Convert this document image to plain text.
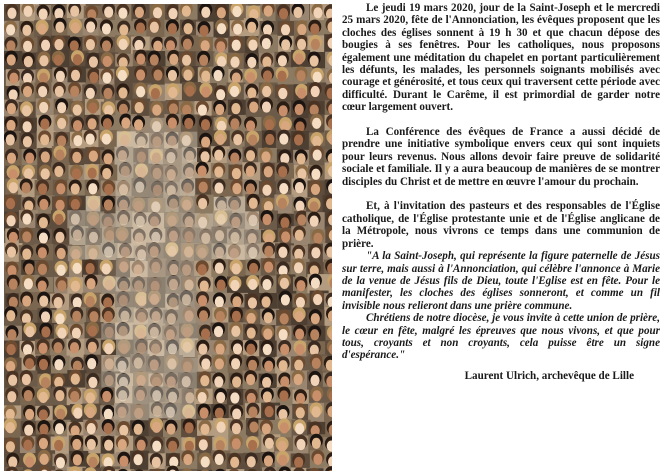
Le jeudi 19 mars 2020, jour de la Saint-Joseph et le mercredi 25 mars 2020, fête de l'Annonciation, les évêques proposent que les cloches des églises sonnent à 19 h 30 et que chacun dépose des bougies à ses fenêtres. Pour les catholiques, nous proposons également une méditation du chapelet en portant particulièrement les défunts, les malades, les personnels soignants mobilisés avec courage et générosité, et tous ceux qui traversent cette période avec difficulté. Durant le Carême, il est primordial de garder notre cœur largement ouvert.

La Conférence des évêques de France a aussi décidé de prendre une initiative symbolique envers ceux qui sont inquiets pour leurs revenus. Nous allons devoir faire preuve de solidarité sociale et familiale. Il y a aura beaucoup de manières de se montrer disciples du Christ et de mettre en œuvre l'amour du prochain.

Et, à l'invitation des pasteurs et des responsables de l'Église catholique, de l'Église protestante unie et de l'Église anglicane de la Métropole, nous vivrons ce temps dans une communion de prière.

"A la Saint-Joseph, qui représente la figure paternelle de Jésus sur terre, mais aussi à l'Annonciation, qui célèbre l'annonce à Marie de la venue de Jésus fils de Dieu, toute l'Eglise est en fête. Pour le manifester, les cloches des églises sonneront, et comme un fil invisible nous relieront dans une prière commune.

Chrétiens de notre diocèse, je vous invite à cette union de prière, le cœur en fête, malgré les épreuves que nous vivons, et que pour tous, croyants et non croyants, cela puisse être un signe d'espérance."

Laurent Ulrich, archevêque de Lille
